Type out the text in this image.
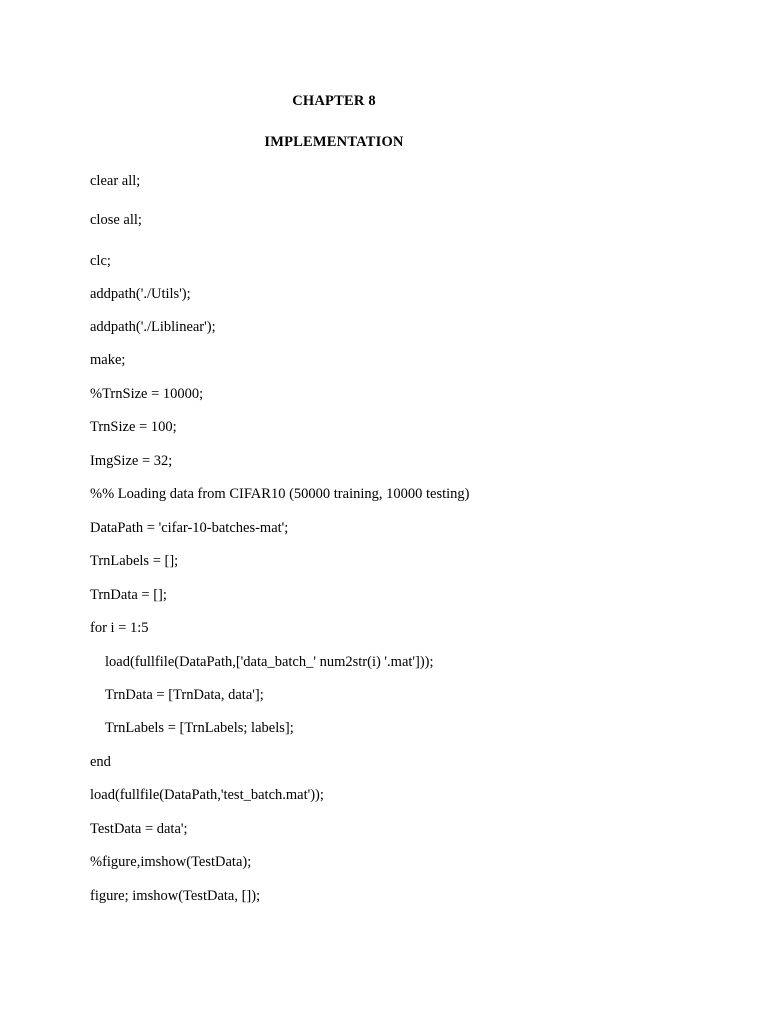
CHAPTER 8
IMPLEMENTATION

clear all;

close all;

clc;

addpath('./Utils');

addpath('./Liblinear');

make;

%TrnSize = 10000;

TrnSize = 100;

ImgSize = 32;

%% Loading data from CIFAR10 (50000 training, 10000 testing)

DataPath = 'cifar-10-batches-mat';

TrnLabels = [];

TrnData = [];

for i = 1:5

load(fullfile(DataPath,['data_batch_' num2str(i) '.mat']));

TrnData = [TrnData, data'];

TrnLabels = [TrnLabels; labels];

end

load(fullfile(DataPath,'test_batch.mat'));

TestData = data';

%figure,imshow(TestData);

figure; imshow(TestData, []);
